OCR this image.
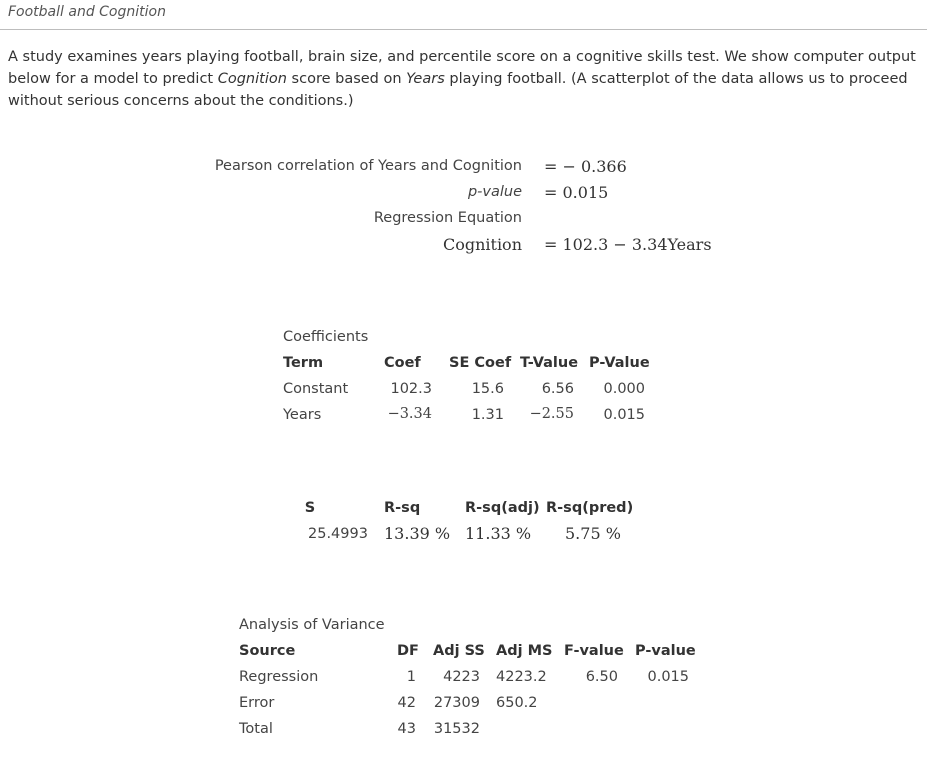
Football and Cognition
A study examines years playing football, brain size, and percentile score on a cognitive skills test. We show computer output below for a model to predict Cognition score based on Years playing football. (A scatterplot of the data allows us to proceed without serious concerns about the conditions.)
Pearson correlation of Years and Cognition = − 0.366
p-value = 0.015
Regression Equation
Cognition = 102.3 − 3.34Years
Coefficients
Term	Coef SE Coef T-Value P-Value
Constant	102.3	15.6	6.56	0.000
Years	−3.34	1.31	−2.55	0.015
S	R-sq	R-sq(adj) R-sq(pred)
25.4993 13.39 % 11.33 % 5.75 %
Analysis of Variance
Source	DF Adj SS Adj MS F-value P-value
Regression	1	4223 4223.2	6.50	0.015
Error	42 27309 650.2
Total	43 31532
